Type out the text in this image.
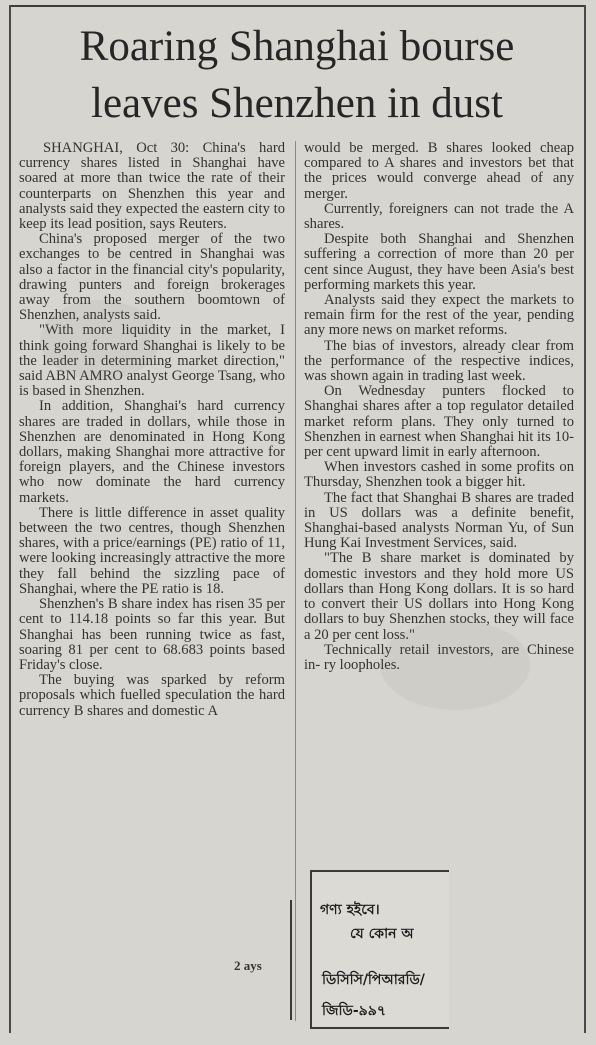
Roaring Shanghai bourse
leaves Shenzhen in dust

SHANGHAI, Oct 30: China's hard currency shares listed in Shanghai have soared at more than twice the rate of their counterparts on Shenzhen this year and analysts said they expected the eastern city to keep its lead position, says Reuters.

China's proposed merger of the two exchanges to be centred in Shanghai was also a factor in the financial city's popularity, drawing punters and foreign brokerages away from the southern boomtown of Shenzhen, analysts said.

"With more liquidity in the market, I think going forward Shanghai is likely to be the leader in determining market direction," said ABN AMRO analyst George Tsang, who is based in Shenzhen.

In addition, Shanghai's hard currency shares are traded in dollars, while those in Shenzhen are denominated in Hong Kong dollars, making Shanghai more attractive for foreign players, and the Chinese investors who now dominate the hard currency markets.

There is little difference in asset quality between the two centres, though Shenzhen shares, with a price/earnings (PE) ratio of 11, were looking increasingly attractive the more they fall behind the sizzling pace of Shanghai, where the PE ratio is 18.

Shenzhen's B share index has risen 35 per cent to 114.18 points so far this year. But Shanghai has been running twice as fast, soaring 81 per cent to 68.683 points based Friday's close.

The buying was sparked by reform proposals which fuelled speculation the hard currency B shares and domestic A

would be merged. B shares looked cheap compared to A shares and investors bet that the prices would converge ahead of any merger.

Currently, foreigners can not trade the A shares.

Despite both Shanghai and Shenzhen suffering a correction of more than 20 per cent since August, they have been Asia's best performing markets this year.

Analysts said they expect the markets to remain firm for the rest of the year, pending any more news on market reforms.

The bias of investors, already clear from the performance of the respective indices, was shown again in trading last week.

On Wednesday punters flocked to Shanghai shares after a top regulator detailed market reform plans. They only turned to Shenzhen in earnest when Shanghai hit its 10-per cent upward limit in early afternoon.

When investors cashed in some profits on Thursday, Shenzhen took a bigger hit.

The fact that Shanghai B shares are traded in US dollars was a definite benefit, Shanghai-based analysts Norman Yu, of Sun Hung Kai Investment Services, said.

"The B share market is dominated by domestic investors and they hold more US dollars than Hong Kong dollars. It is so hard to convert their US dollars into Hong Kong dollars to buy Shenzhen stocks, they will face a 20 per cent loss."

Technically retail investors, are Chinese in- ry loopholes.

গণ্য হইবে।
যে কোন অ
ডিসিসি/পিআরডি/
জিডি-৯৯৭
2 ays
